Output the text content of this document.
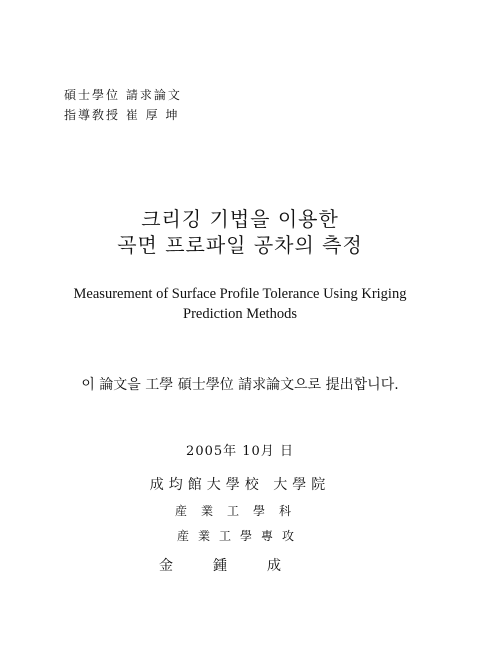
碩士學位 請求論文
指導敎授 崔 厚 坤
크리깅 기법을 이용한
곡면 프로파일 공차의 측정
Measurement of Surface Profile Tolerance Using Kriging
Prediction Methods
이 論文을 工學 碩士學位 請求論文으로 提出합니다.
2005年 10月 日
成均館大學校 大學院
産業工學科
産業工學專攻
金鍾成
